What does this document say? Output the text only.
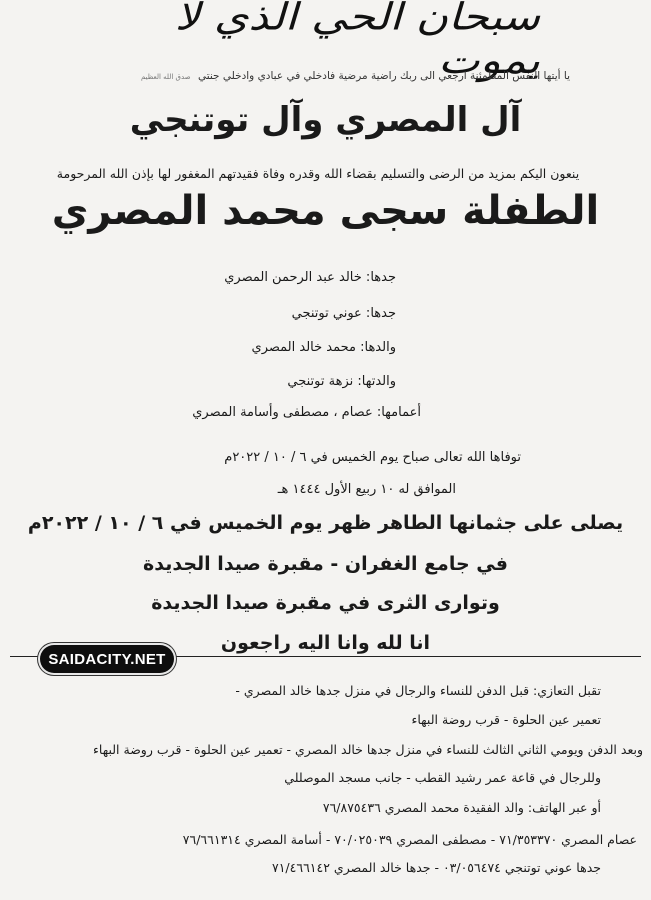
سبحان الحي الذي لا يموت
يا أيتها النفس المطمئنة ارجعي الى ربك راضية مرضية فادخلي في عبادي وادخلي جنتي صدق الله العظيم
آل المصري وآل توتنجي
ينعون اليكم بمزيد من الرضى والتسليم بقضاء الله وقدره وفاة فقيدتهم المغفور لها بإذن الله المرحومة
الطفلة سجى محمد المصري
جدها: خالد عبد الرحمن المصري
جدها: عوني توتنجي
والدها: محمد خالد المصري
والدتها: نزهة توتنجي
أعمامها: عصام ، مصطفى وأسامة المصري
توفاها الله تعالى صباح يوم الخميس في ٦ / ١٠ / ٢٠٢٢م
الموافق له ١٠ ربيع الأول ١٤٤٤ هـ
يصلى على جثمانها الطاهر ظهر يوم الخميس في ٦ / ١٠ / ٢٠٢٢م
في جامع الغفران - مقبرة صيدا الجديدة
وتوارى الثرى في مقبرة صيدا الجديدة
انا لله وانا اليه راجعون
SAIDACITY.NET
تقبل التعازي: قبل الدفن للنساء والرجال في منزل جدها خالد المصري -
تعمير عين الحلوة - قرب روضة البهاء
وبعد الدفن ويومي الثاني الثالث للنساء في منزل جدها خالد المصري - تعمير عين الحلوة - قرب روضة البهاء
وللرجال في قاعة عمر رشيد القطب - جانب مسجد الموصللي
أو عبر الهاتف: والد الفقيدة محمد المصري ٧٦/٨٧٥٤٣٦
عصام المصري ٧١/٣٥٣٣٧٠ - مصطفى المصري ٧٠/٠٢٥٠٣٩ - أسامة المصري ٧٦/٦٦١٣١٤
جدها عوني توتنجي ٠٣/٠٥٦٤٧٤ - جدها خالد المصري ٧١/٤٦٦١٤٢
